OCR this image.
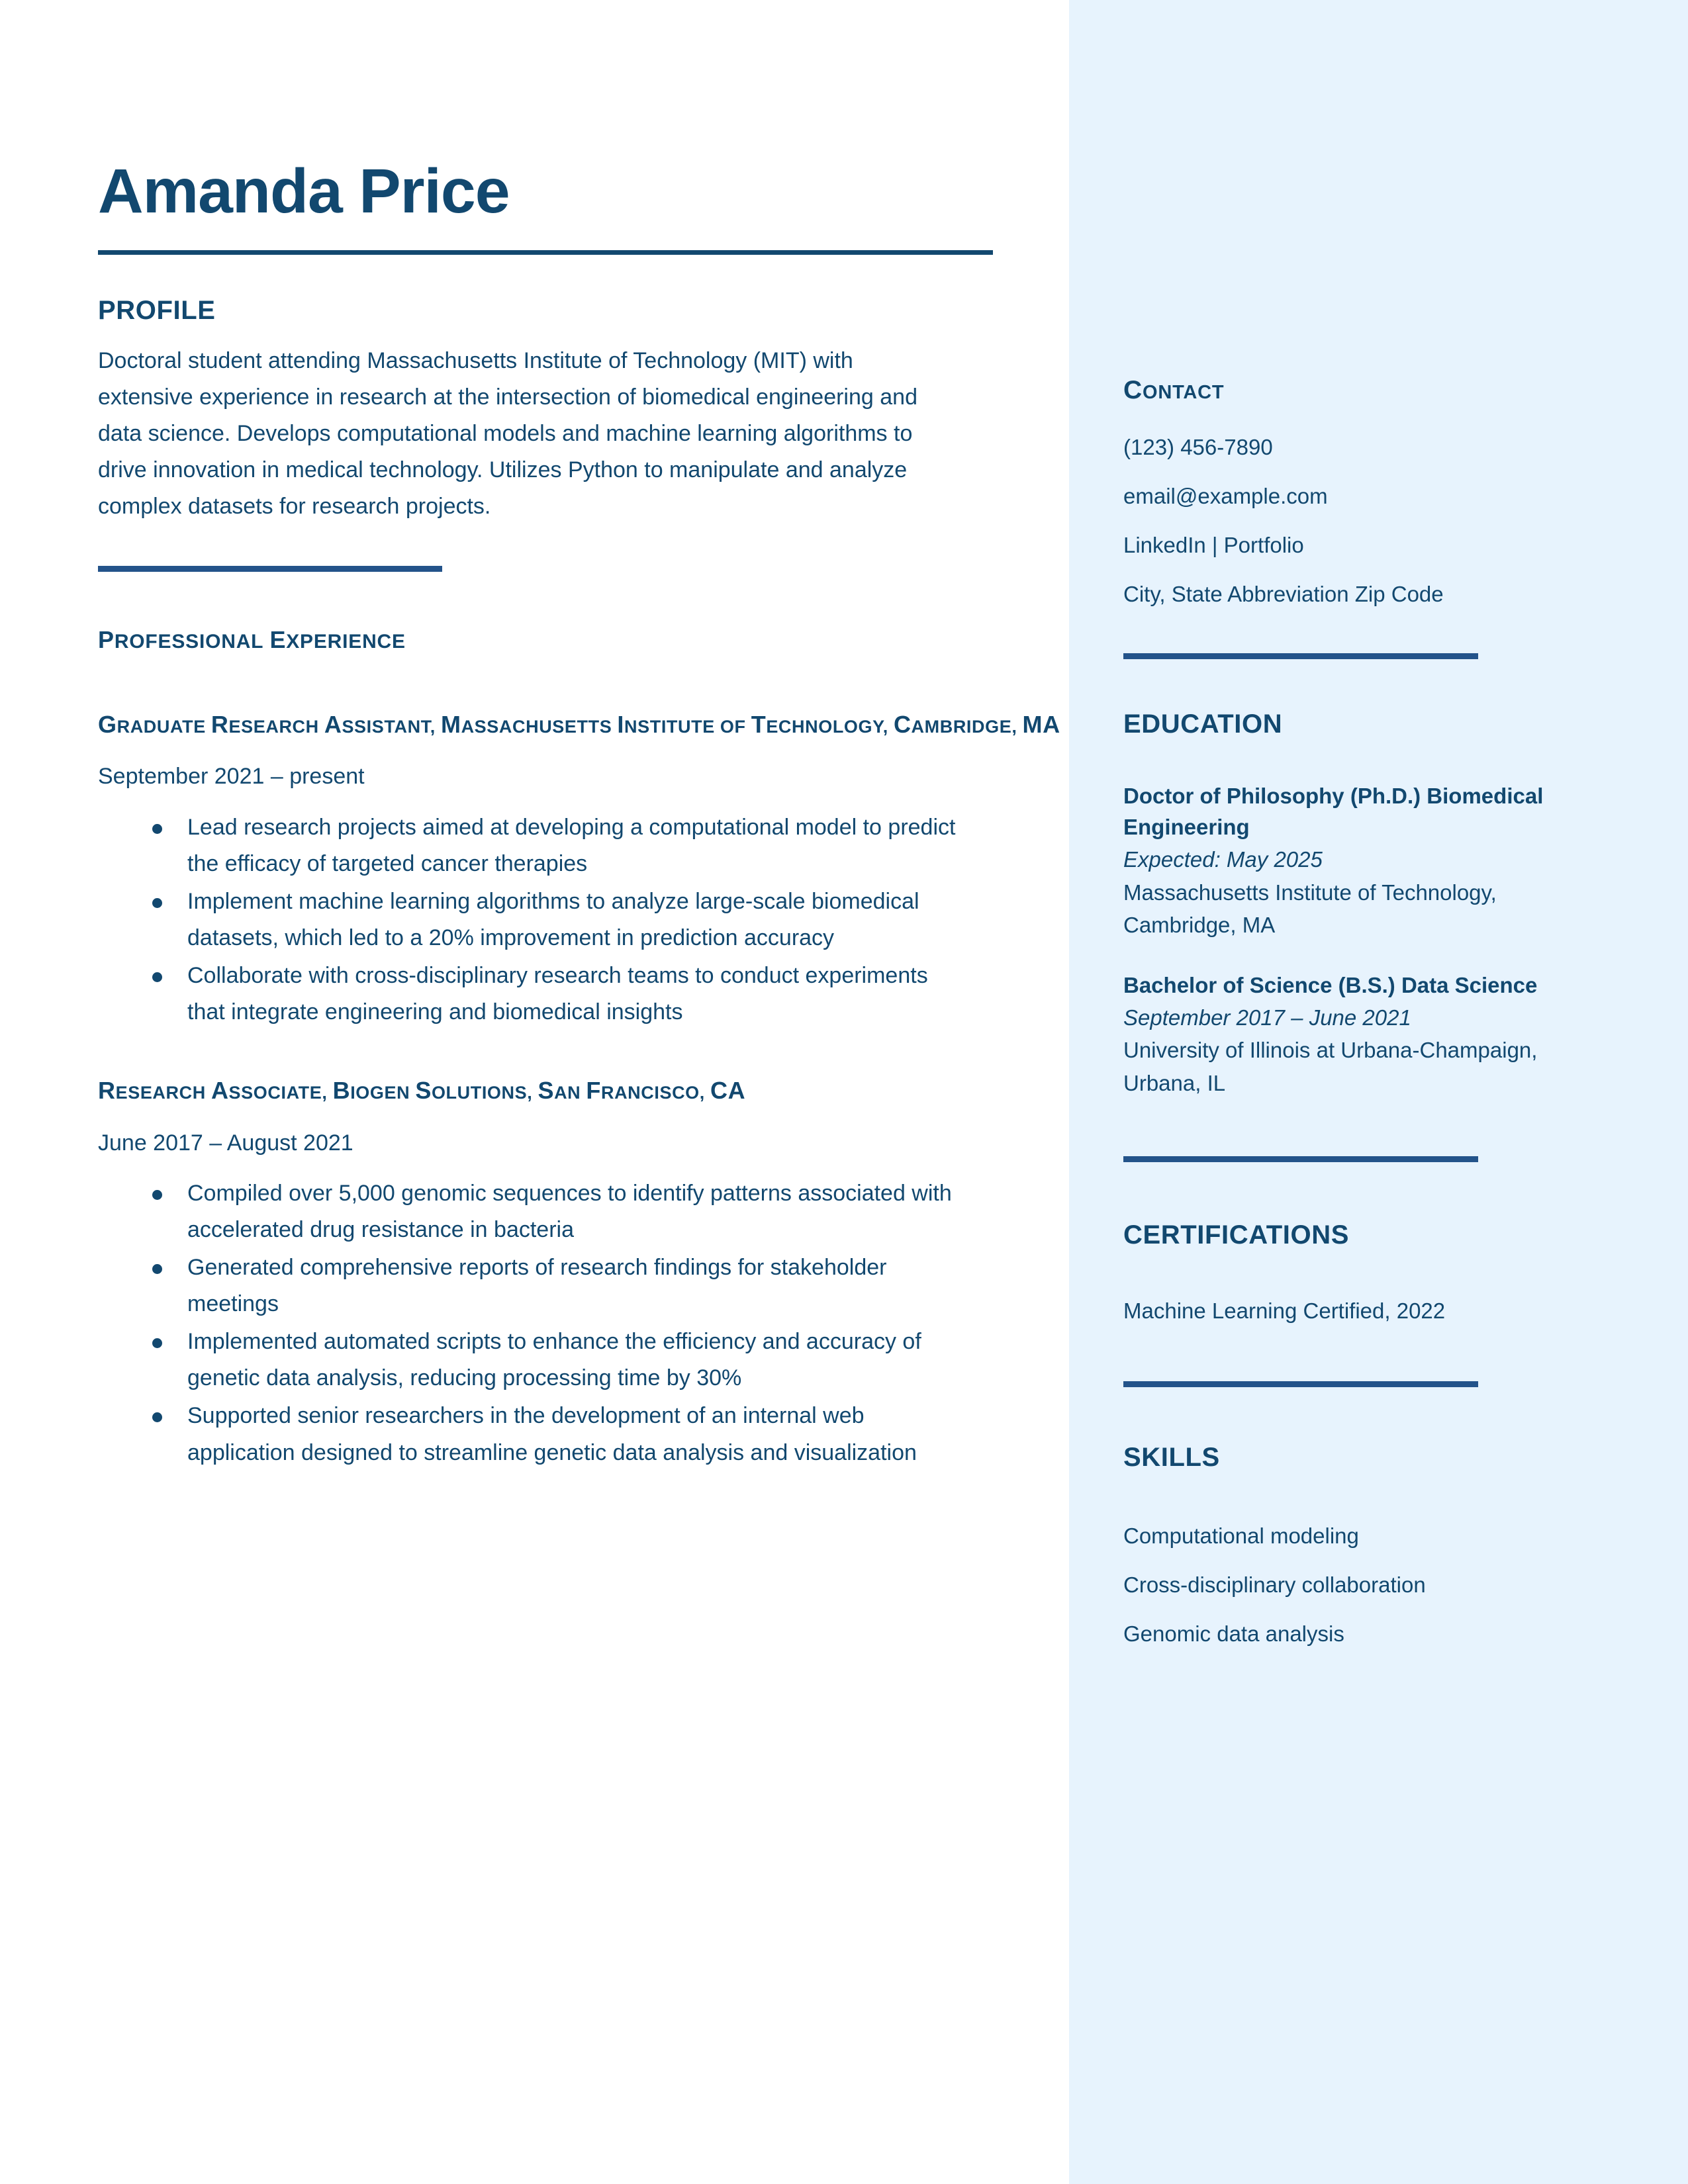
Amanda Price
PROFILE

Doctoral student attending Massachusetts Institute of Technology (MIT) with extensive experience in research at the intersection of biomedical engineering and data science. Develops computational models and machine learning algorithms to drive innovation in medical technology. Utilizes Python to manipulate and analyze complex datasets for research projects.

PROFESSIONAL EXPERIENCE
GRADUATE RESEARCH ASSISTANT, MASSACHUSETTS INSTITUTE OF TECHNOLOGY, CAMBRIDGE, MA
September 2021 – present
Lead research projects aimed at developing a computational model to predict the efficacy of targeted cancer therapies
Implement machine learning algorithms to analyze large-scale biomedical datasets, which led to a 20% improvement in prediction accuracy
Collaborate with cross-disciplinary research teams to conduct experiments that integrate engineering and biomedical insights
RESEARCH ASSOCIATE, BIOGEN SOLUTIONS, SAN FRANCISCO, CA
June 2017 – August 2021
Compiled over 5,000 genomic sequences to identify patterns associated with accelerated drug resistance in bacteria
Generated comprehensive reports of research findings for stakeholder meetings
Implemented automated scripts to enhance the efficiency and accuracy of genetic data analysis, reducing processing time by 30%
Supported senior researchers in the development of an internal web application designed to streamline genetic data analysis and visualization
CONTACT
(123) 456-7890
email@example.com
LinkedIn | Portfolio
City, State Abbreviation Zip Code
EDUCATION
Doctor of Philosophy (Ph.D.) Biomedical Engineering
Expected: May 2025
Massachusetts Institute of Technology, Cambridge, MA
Bachelor of Science (B.S.) Data Science
September 2017 – June 2021
University of Illinois at Urbana-Champaign, Urbana, IL
CERTIFICATIONS
Machine Learning Certified, 2022
SKILLS
Computational modeling
Cross-disciplinary collaboration
Genomic data analysis
